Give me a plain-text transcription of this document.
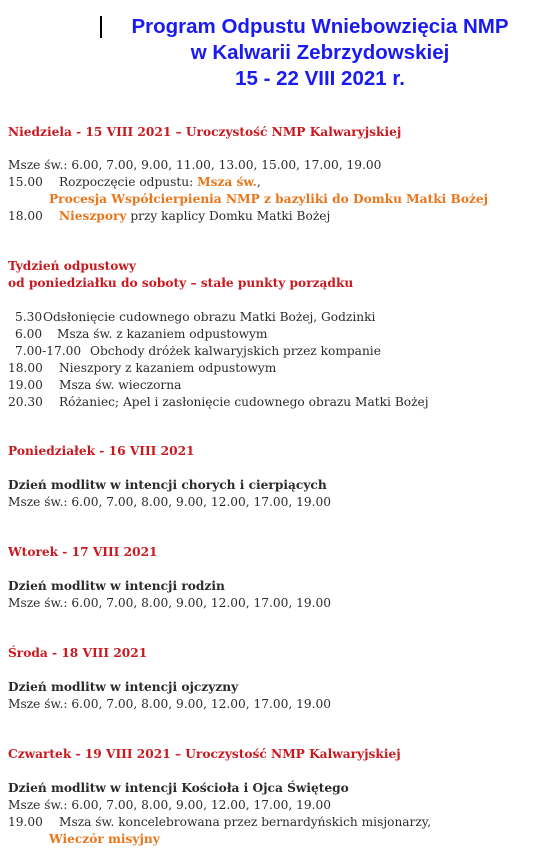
Program Odpustu Wniebowzięcia NMP
w Kalwarii Zebrzydowskiej
15 - 22 VIII 2021 r.
Niedziela - 15 VIII 2021 – Uroczystość NMP Kalwaryjskiej
Msze św.: 6.00, 7.00, 9.00, 11.00, 13.00, 15.00, 17.00, 19.00
15.00 Rozpoczęcie odpustu: Msza św.,
Procesja Współcierpienia NMP z bazyliki do Domku Matki Bożej
18.00 Nieszpory przy kaplicy Domku Matki Bożej
Tydzień odpustowy
od poniedziałku do soboty – stałe punkty porządku
5.30Odsłonięcie cudownego obrazu Matki Bożej, Godzinki
6.00 Msza św. z kazaniem odpustowym
7.00-17.00 Obchody dróżek kalwaryjskich przez kompanie
18.00 Nieszpory z kazaniem odpustowym
19.00 Msza św. wieczorna
20.30 Różaniec; Apel i zasłonięcie cudownego obrazu Matki Bożej
Poniedziałek - 16 VIII 2021
Dzień modlitw w intencji chorych i cierpiących
Msze św.: 6.00, 7.00, 8.00, 9.00, 12.00, 17.00, 19.00
Wtorek - 17 VIII 2021
Dzień modlitw w intencji rodzin
Msze św.: 6.00, 7.00, 8.00, 9.00, 12.00, 17.00, 19.00
Środa - 18 VIII 2021
Dzień modlitw w intencji ojczyzny
Msze św.: 6.00, 7.00, 8.00, 9.00, 12.00, 17.00, 19.00
Czwartek - 19 VIII 2021 – Uroczystość NMP Kalwaryjskiej
Dzień modlitw w intencji Kościoła i Ojca Świętego
Msze św.: 6.00, 7.00, 8.00, 9.00, 12.00, 17.00, 19.00
19.00 Msza św. koncelebrowana przez bernardyńskich misjonarzy,
Wieczór misyjny
